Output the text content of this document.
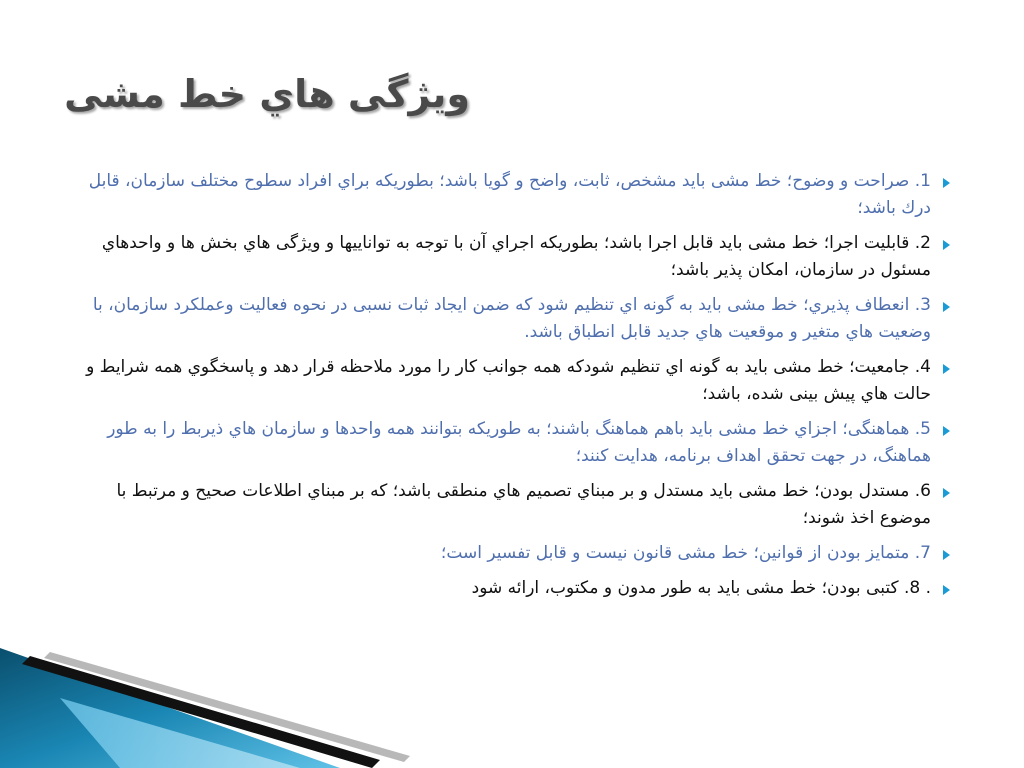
ويژگی هاي خط مشی
1. صراحت و وضوح؛ خط مشی بايد مشخص، ثابت، واضح و گويا باشد؛ بطوريكه براي افراد سطوح مختلف سازمان، قابل درك باشد؛
2. قابليت اجرا؛ خط مشی بايد قابل اجرا باشد؛ بطوريكه اجراي آن با توجه به توانايیها و ويژگی هاي بخش ها و واحدهاي مسئول در سازمان، امكان پذير باشد؛
3. انعطاف پذيري؛ خط مشی بايد به گونه اي تنظيم شود كه ضمن ايجاد ثبات نسبی در نحوه فعاليت وعملكرد سازمان، با وضعيت هاي متغير و موقعيت هاي جديد قابل انطباق باشد.
4. جامعيت؛ خط مشی بايد به گونه اي تنظيم شودكه همه جوانب كار را مورد ملاحظه قرار دهد و پاسخگوي همه شرايط و حالت هاي پيش بينی شده، باشد؛
5. هماهنگی؛ اجزاي خط مشی بايد باهم هماهنگ باشند؛ به طوريكه بتوانند همه واحدها و سازمان هاي ذيربط را به طور هماهنگ، در جهت تحقق اهداف برنامه، هدايت كنند؛
6. مستدل بودن؛ خط مشی بايد مستدل و بر مبناي تصميم هاي منطقی باشد؛ كه بر مبناي اطلاعات صحيح و مرتبط با موضوع اخذ شوند؛
7. متمايز بودن از قوانين؛ خط مشی قانون نيست و قابل تفسير است؛
. 8. كتبی بودن؛ خط مشی بايد به طور مدون و مكتوب، ارائه شود
